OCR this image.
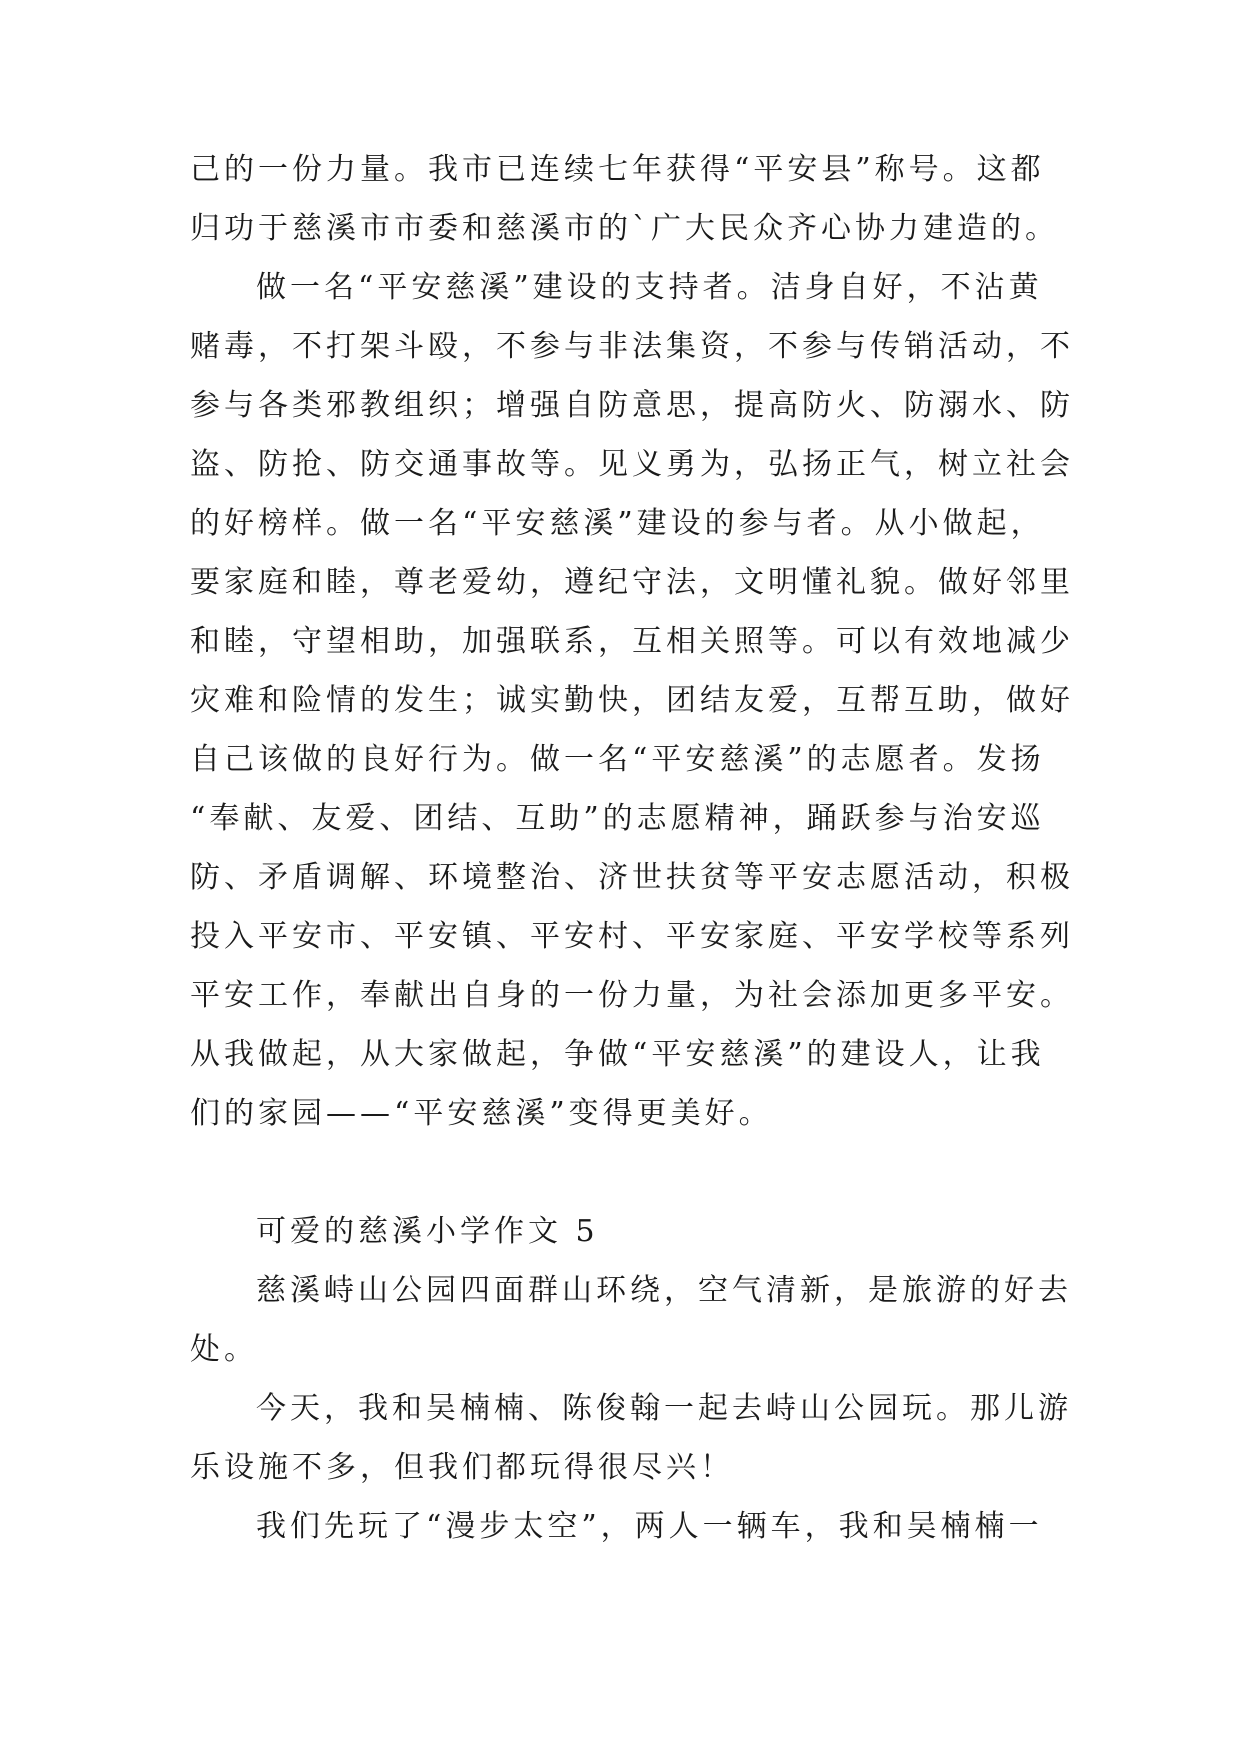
己的一份力量。我市已连续七年获得“平安县”称号。这都

归功于慈溪市市委和慈溪市的`广大民众齐心协力建造的。

做一名“平安慈溪”建设的支持者。洁身自好，不沾黄

赌毒，不打架斗殴，不参与非法集资，不参与传销活动，不

参与各类邪教组织；增强自防意思，提高防火、防溺水、防

盗、防抢、防交通事故等。见义勇为，弘扬正气，树立社会

的好榜样。做一名“平安慈溪”建设的参与者。从小做起，

要家庭和睦，尊老爱幼，遵纪守法，文明懂礼貌。做好邻里

和睦，守望相助，加强联系，互相关照等。可以有效地减少

灾难和险情的发生；诚实勤快，团结友爱，互帮互助，做好

自己该做的良好行为。做一名“平安慈溪”的志愿者。发扬

“奉献、友爱、团结、互助”的志愿精神，踊跃参与治安巡

防、矛盾调解、环境整治、济世扶贫等平安志愿活动，积极

投入平安市、平安镇、平安村、平安家庭、平安学校等系列

平安工作，奉献出自身的一份力量，为社会添加更多平安。

从我做起，从大家做起，争做“平安慈溪”的建设人，让我

们的家园——“平安慈溪”变得更美好。

可爱的慈溪小学作文 5

慈溪峙山公园四面群山环绕，空气清新，是旅游的好去

处。

今天，我和吴楠楠、陈俊翰一起去峙山公园玩。那儿游

乐设施不多，但我们都玩得很尽兴！

我们先玩了“漫步太空”，两人一辆车，我和吴楠楠一
